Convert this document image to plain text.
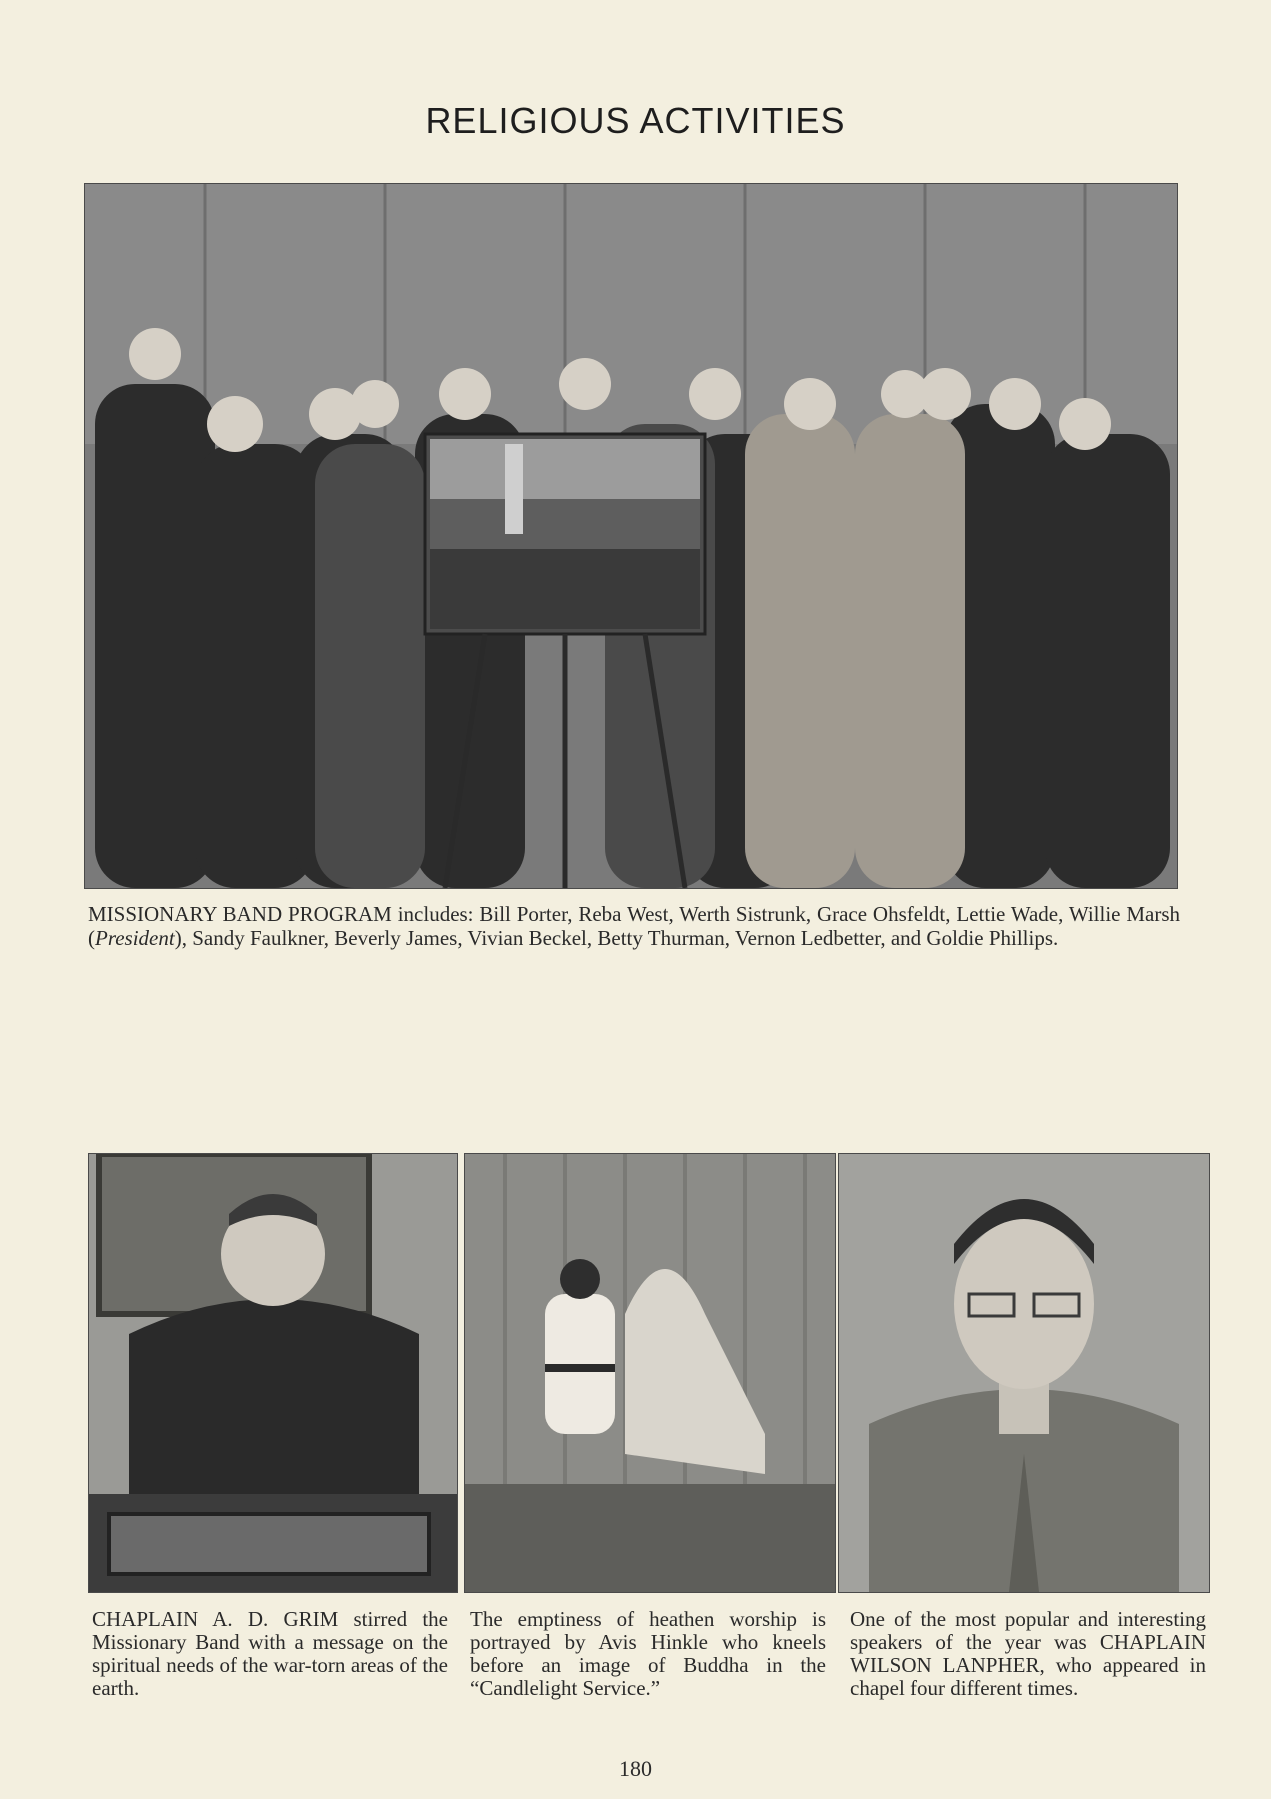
RELIGIOUS ACTIVITIES
MISSIONARY BAND PROGRAM includes: Bill Porter, Reba West, Werth Sistrunk, Grace Ohsfeldt, Lettie Wade, Willie Marsh (President), Sandy Faulkner, Beverly James, Vivian Beckel, Betty Thurman, Vernon Ledbetter, and Goldie Phillips.
CHAPLAIN A. D. GRIM stirred the Missionary Band with a message on the spiritual needs of the war-torn areas of the earth.
The emptiness of heathen worship is portrayed by Avis Hinkle who kneels before an image of Buddha in the “Candlelight Service.”
One of the most popular and interesting speakers of the year was CHAPLAIN WILSON LANPHER, who appeared in chapel four different times.
180
